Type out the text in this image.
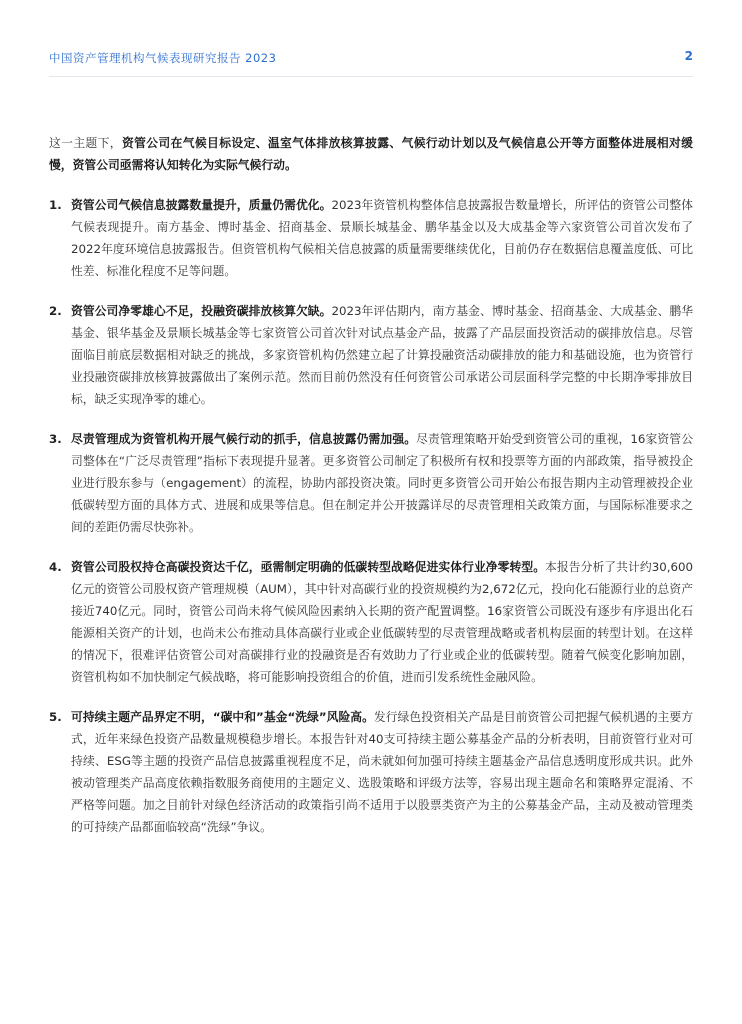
中国资产管理机构气候表现研究报告 2023	2

这一主题下，资管公司在气候目标设定、温室气体排放核算披露、气候行动计划以及气候信息公开等方面整体进展相对缓慢，资管公司亟需将认知转化为实际气候行动。

1. 资管公司气候信息披露数量提升，质量仍需优化。2023年资管机构整体信息披露报告数量增长，所评估的资管公司整体气候表现提升。南方基金、博时基金、招商基金、景顺长城基金、鹏华基金以及大成基金等六家资管公司首次发布了2022年度环境信息披露报告。但资管机构气候相关信息披露的质量需要继续优化，目前仍存在数据信息覆盖度低、可比性差、标准化程度不足等问题。

2. 资管公司净零雄心不足，投融资碳排放核算欠缺。2023年评估期内，南方基金、博时基金、招商基金、大成基金、鹏华基金、银华基金及景顺长城基金等七家资管公司首次针对试点基金产品，披露了产品层面投资活动的碳排放信息。尽管面临目前底层数据相对缺乏的挑战，多家资管机构仍然建立起了计算投融资活动碳排放的能力和基础设施，也为资管行业投融资碳排放核算披露做出了案例示范。然而目前仍然没有任何资管公司承诺公司层面科学完整的中长期净零排放目标，缺乏实现净零的雄心。

3. 尽责管理成为资管机构开展气候行动的抓手，信息披露仍需加强。尽责管理策略开始受到资管公司的重视，16家资管公司整体在“广泛尽责管理”指标下表现提升显著。更多资管公司制定了积极所有权和投票等方面的内部政策，指导被投企业进行股东参与（engagement）的流程，协助内部投资决策。同时更多资管公司开始公布报告期内主动管理被投企业低碳转型方面的具体方式、进展和成果等信息。但在制定并公开披露详尽的尽责管理相关政策方面，与国际标准要求之间的差距仍需尽快弥补。

4. 资管公司股权持仓高碳投资达千亿，亟需制定明确的低碳转型战略促进实体行业净零转型。本报告分析了共计约30,600亿元的资管公司股权资产管理规模（AUM），其中针对高碳行业的投资规模约为2,672亿元，投向化石能源行业的总资产接近740亿元。同时，资管公司尚未将气候风险因素纳入长期的资产配置调整。16家资管公司既没有逐步有序退出化石能源相关资产的计划，也尚未公布推动具体高碳行业或企业低碳转型的尽责管理战略或者机构层面的转型计划。在这样的情况下，很难评估资管公司对高碳排行业的投融资是否有效助力了行业或企业的低碳转型。随着气候变化影响加剧，资管机构如不加快制定气候战略，将可能影响投资组合的价值，进而引发系统性金融风险。

5. 可持续主题产品界定不明，“碳中和”基金“洗绿”风险高。发行绿色投资相关产品是目前资管公司把握气候机遇的主要方式，近年来绿色投资产品数量规模稳步增长。本报告针对40支可持续主题公募基金产品的分析表明，目前资管行业对可持续、ESG等主题的投资产品信息披露重视程度不足，尚未就如何加强可持续主题基金产品信息透明度形成共识。此外被动管理类产品高度依赖指数服务商使用的主题定义、选股策略和评级方法等，容易出现主题命名和策略界定混淆、不严格等问题。加之目前针对绿色经济活动的政策指引尚不适用于以股票类资产为主的公募基金产品，主动及被动管理类的可持续产品都面临较高“洗绿”争议。
